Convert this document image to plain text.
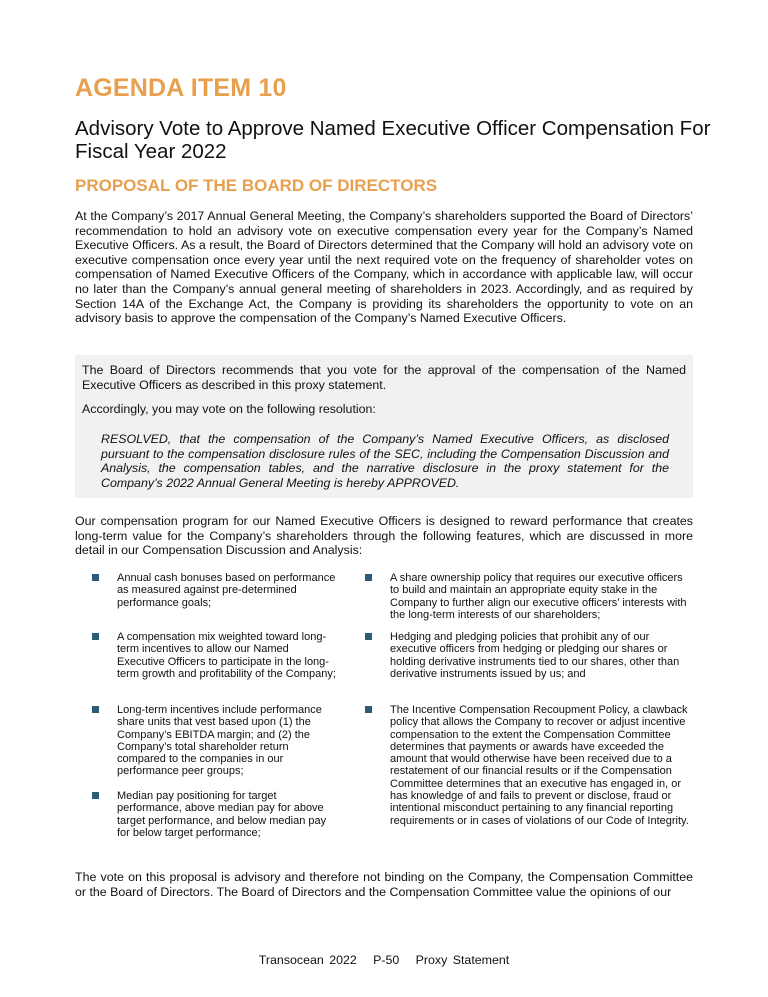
AGENDA ITEM 10
Advisory Vote to Approve Named Executive Officer Compensation For Fiscal Year 2022
PROPOSAL OF THE BOARD OF DIRECTORS
At the Company’s 2017 Annual General Meeting, the Company’s shareholders supported the Board of Directors’ recommendation to hold an advisory vote on executive compensation every year for the Company’s Named Executive Officers. As a result, the Board of Directors determined that the Company will hold an advisory vote on executive compensation once every year until the next required vote on the frequency of shareholder votes on compensation of Named Executive Officers of the Company, which in accordance with applicable law, will occur no later than the Company’s annual general meeting of shareholders in 2023. Accordingly, and as required by Section 14A of the Exchange Act, the Company is providing its shareholders the opportunity to vote on an advisory basis to approve the compensation of the Company’s Named Executive Officers.
The Board of Directors recommends that you vote for the approval of the compensation of the Named Executive Officers as described in this proxy statement.
Accordingly, you may vote on the following resolution:
RESOLVED, that the compensation of the Company’s Named Executive Officers, as disclosed pursuant to the compensation disclosure rules of the SEC, including the Compensation Discussion and Analysis, the compensation tables, and the narrative disclosure in the proxy statement for the Company’s 2022 Annual General Meeting is hereby APPROVED.
Our compensation program for our Named Executive Officers is designed to reward performance that creates long-term value for the Company’s shareholders through the following features, which are discussed in more detail in our Compensation Discussion and Analysis:
Annual cash bonuses based on performance as measured against pre-determined performance goals;
A compensation mix weighted toward long-term incentives to allow our Named Executive Officers to participate in the long-term growth and profitability of the Company;
Long-term incentives include performance share units that vest based upon (1) the Company’s EBITDA margin; and (2) the Company’s total shareholder return compared to the companies in our performance peer groups;
Median pay positioning for target performance, above median pay for above target performance, and below median pay for below target performance;
A share ownership policy that requires our executive officers to build and maintain an appropriate equity stake in the Company to further align our executive officers’ interests with the long-term interests of our shareholders;
Hedging and pledging policies that prohibit any of our executive officers from hedging or pledging our shares or holding derivative instruments tied to our shares, other than derivative instruments issued by us; and
The Incentive Compensation Recoupment Policy, a clawback policy that allows the Company to recover or adjust incentive compensation to the extent the Compensation Committee determines that payments or awards have exceeded the amount that would otherwise have been received due to a restatement of our financial results or if the Compensation Committee determines that an executive has engaged in, or has knowledge of and fails to prevent or disclose, fraud or intentional misconduct pertaining to any financial reporting requirements or in cases of violations of our Code of Integrity.
The vote on this proposal is advisory and therefore not binding on the Company, the Compensation Committee or the Board of Directors. The Board of Directors and the Compensation Committee value the opinions of our
Transocean 2022   P-50   Proxy Statement
